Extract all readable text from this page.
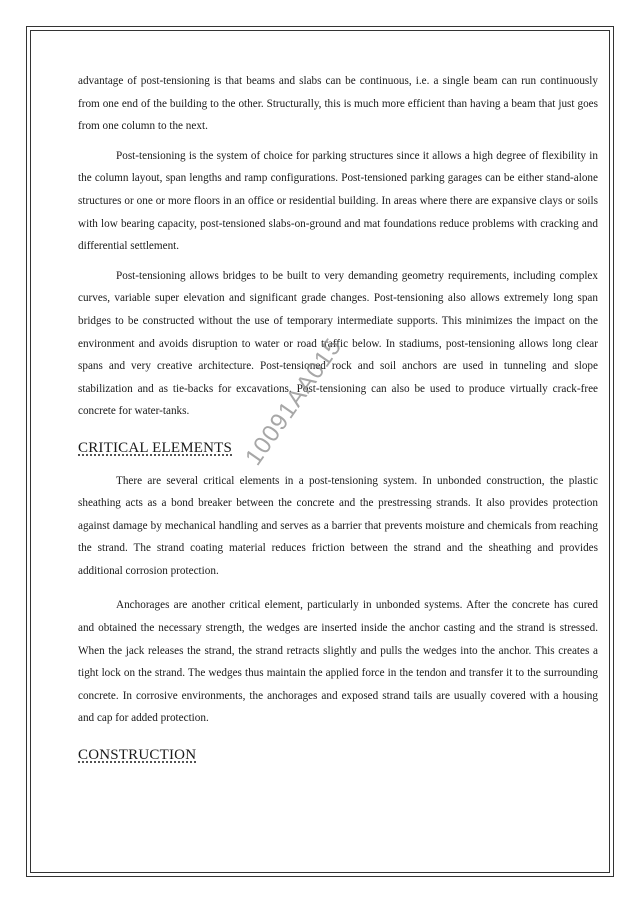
advantage of post-tensioning is that beams and slabs can be continuous, i.e. a single beam can run continuously from one end of the building to the other. Structurally, this is much more efficient than having a beam that just goes from one column to the next.

Post-tensioning is the system of choice for parking structures since it allows a high degree of flexibility in the column layout, span lengths and ramp configurations. Post-tensioned parking garages can be either stand-alone structures or one or more floors in an office or residential building. In areas where there are expansive clays or soils with low bearing capacity, post-tensioned slabs-on-ground and mat foundations reduce problems with cracking and differential settlement.

Post-tensioning allows bridges to be built to very demanding geometry requirements, including complex curves, variable super elevation and significant grade changes. Post-tensioning also allows extremely long span bridges to be constructed without the use of temporary intermediate supports. This minimizes the impact on the environment and avoids disruption to water or road traffic below. In stadiums, post-tensioning allows long clear spans and very creative architecture. Post-tensioned rock and soil anchors are used in tunneling and slope stabilization and as tie-backs for excavations. Post-tensioning can also be used to produce virtually crack-free concrete for water-tanks.

CRITICAL ELEMENTS

There are several critical elements in a post-tensioning system. In unbonded construction, the plastic sheathing acts as a bond breaker between the concrete and the prestressing strands. It also provides protection against damage by mechanical handling and serves as a barrier that prevents moisture and chemicals from reaching the strand. The strand coating material reduces friction between the strand and the sheathing and provides additional corrosion protection.

Anchorages are another critical element, particularly in unbonded systems. After the concrete has cured and obtained the necessary strength, the wedges are inserted inside the anchor casting and the strand is stressed. When the jack releases the strand, the strand retracts slightly and pulls the wedges into the anchor. This creates a tight lock on the strand. The wedges thus maintain the applied force in the tendon and transfer it to the surrounding concrete. In corrosive environments, the anchorages and exposed strand tails are usually covered with a housing and cap for added protection.

CONSTRUCTION
10091AA015
